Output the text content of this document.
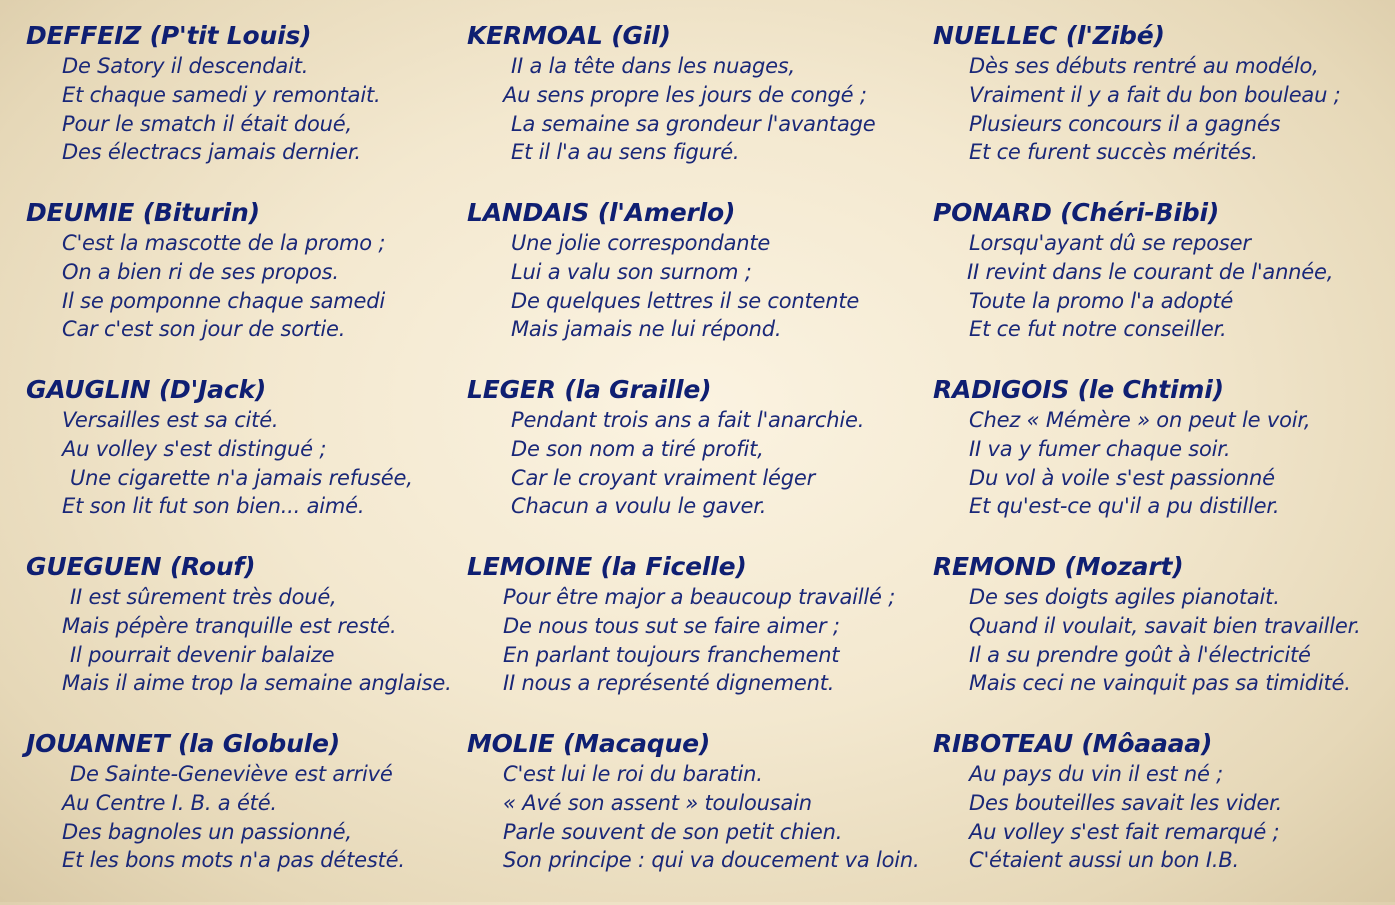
DEFFEIZ (P'tit Louis)
De Satory il descendait.
Et chaque samedi y remontait.
Pour le smatch il était doué,
Des électracs jamais dernier.
DEUMIE (Biturin)
C'est la mascotte de la promo ;
On a bien ri de ses propos.
Il se pomponne chaque samedi
Car c'est son jour de sortie.
GAUGLIN (D'Jack)
Versailles est sa cité.
Au volley s'est distingué ;
Une cigarette n'a jamais refusée,
Et son lit fut son bien... aimé.
GUEGUEN (Rouf)
II est sûrement très doué,
Mais pépère tranquille est resté.
Il pourrait devenir balaize
Mais il aime trop la semaine anglaise.
JOUANNET (la Globule)
De Sainte-Geneviève est arrivé
Au Centre I. B. a été.
Des bagnoles un passionné,
Et les bons mots n'a pas détesté.
KERMOAL (Gil)
II a la tête dans les nuages,
Au sens propre les jours de congé ;
La semaine sa grondeur l'avantage
Et il l'a au sens figuré.
LANDAIS (l'Amerlo)
Une jolie correspondante
Lui a valu son surnom ;
De quelques lettres il se contente
Mais jamais ne lui répond.
LEGER (la Graille)
Pendant trois ans a fait l'anarchie.
De son nom a tiré profit,
Car le croyant vraiment léger
Chacun a voulu le gaver.
LEMOINE (la Ficelle)
Pour être major a beaucoup travaillé ;
De nous tous sut se faire aimer ;
En parlant toujours franchement
II nous a représenté dignement.
MOLIE (Macaque)
C'est lui le roi du baratin.
« Avé son assent » toulousain
Parle souvent de son petit chien.
Son principe : qui va doucement va loin.
NUELLEC (l'Zibé)
Dès ses débuts rentré au modélo,
Vraiment il y a fait du bon bouleau ;
Plusieurs concours il a gagnés
Et ce furent succès mérités.
PONARD (Chéri-Bibi)
Lorsqu'ayant dû se reposer
II revint dans le courant de l'année,
Toute la promo l'a adopté
Et ce fut notre conseiller.
RADIGOIS (le Chtimi)
Chez « Mémère » on peut le voir,
II va y fumer chaque soir.
Du vol à voile s'est passionné
Et qu'est-ce qu'il a pu distiller.
REMOND (Mozart)
De ses doigts agiles pianotait.
Quand il voulait, savait bien travailler.
Il a su prendre goût à l'électricité
Mais ceci ne vainquit pas sa timidité.
RIBOTEAU (Môaaaa)
Au pays du vin il est né ;
Des bouteilles savait les vider.
Au volley s'est fait remarqué ;
C'étaient aussi un bon I.B.
